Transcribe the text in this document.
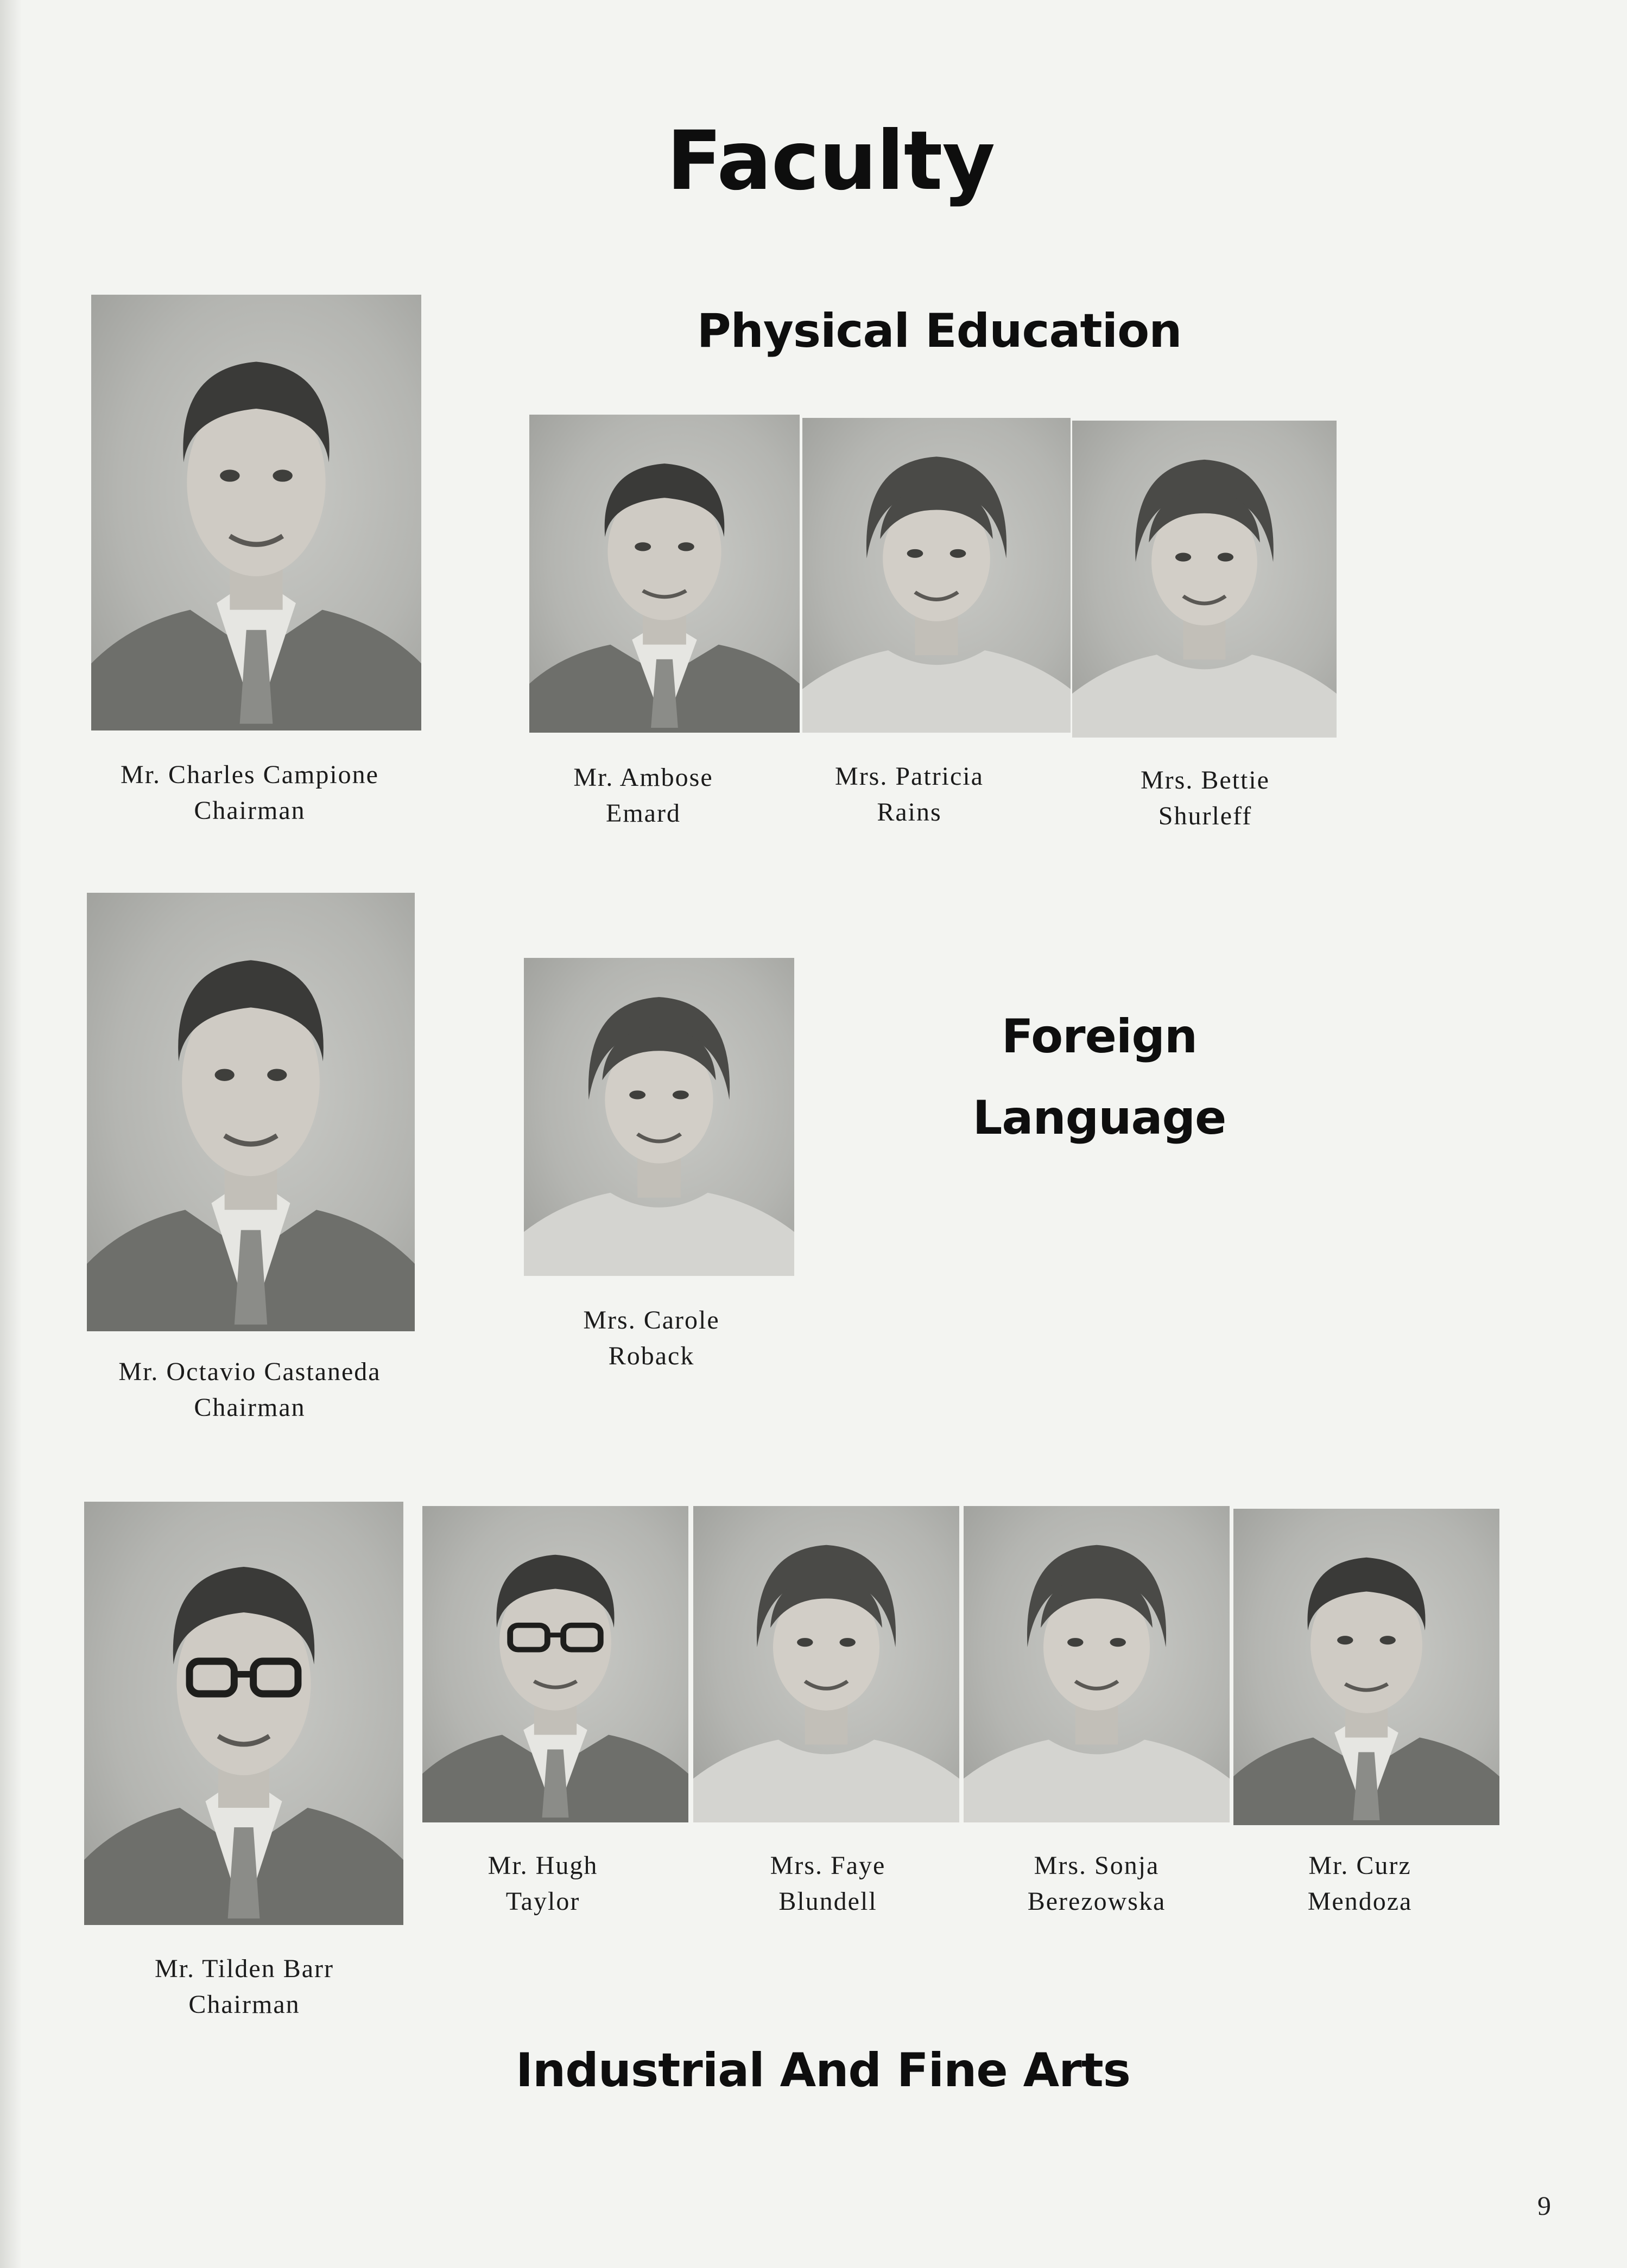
Faculty
Physical Education
Mr. Charles Campione
Chairman
Mr. Ambose
Emard
Mrs. Patricia
Rains
Mrs. Bettie
Shurleff
Foreign
Language
Mr. Octavio Castaneda
Chairman
Mrs. Carole
Roback
Mr. Tilden Barr
Chairman
Mr. Hugh
Taylor
Mrs. Faye
Blundell
Mrs. Sonja
Berezowska
Mr. Curz
Mendoza
Industrial And Fine Arts
9
